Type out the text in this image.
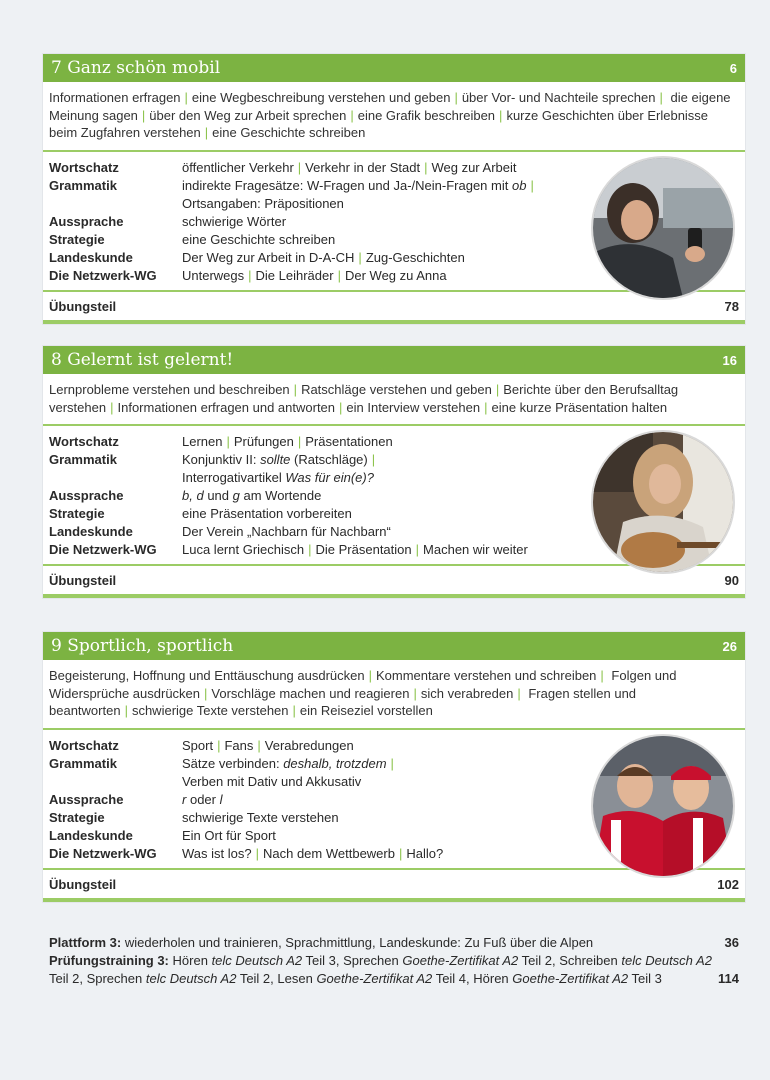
7 Ganz schön mobil	6
Informationen erfragen | eine Wegbeschreibung verstehen und geben | über Vor- und Nachteile sprechen | die eigene Meinung sagen | über den Weg zur Arbeit sprechen | eine Grafik beschreiben | kurze Geschichten über Erlebnisse beim Zugfahren verstehen | eine Geschichte schreiben
Wortschatz	öffentlicher Verkehr | Verkehr in der Stadt | Weg zur Arbeit
Grammatik	indirekte Fragesätze: W-Fragen und Ja-/Nein-Fragen mit ob |
Ortsangaben: Präpositionen
Aussprache	schwierige Wörter
Strategie	eine Geschichte schreiben
Landeskunde	Der Weg zur Arbeit in D-A-CH | Zug-Geschichten
Die Netzwerk-WG	Unterwegs | Die Leihräder | Der Weg zu Anna
Übungsteil	78
8 Gelernt ist gelernt!	16
Lernprobleme verstehen und beschreiben | Ratschläge verstehen und geben | Berichte über den Berufsalltag verstehen | Informationen erfragen und antworten | ein Interview verstehen | eine kurze Präsentation halten
Wortschatz	Lernen | Prüfungen | Präsentationen
Grammatik	Konjunktiv II: sollte (Ratschläge) |
Interrogativartikel Was für ein(e)?
Aussprache	b, d und g am Wortende
Strategie	eine Präsentation vorbereiten
Landeskunde	Der Verein „Nachbarn für Nachbarn“
Die Netzwerk-WG	Luca lernt Griechisch | Die Präsentation | Machen wir weiter
Übungsteil	90
9 Sportlich, sportlich	26
Begeisterung, Hoffnung und Enttäuschung ausdrücken | Kommentare verstehen und schreiben | Folgen und Widersprüche ausdrücken | Vorschläge machen und reagieren | sich verabreden | Fragen stellen und beantworten | schwierige Texte verstehen | ein Reiseziel vorstellen
Wortschatz	Sport | Fans | Verabredungen
Grammatik	Sätze verbinden: deshalb, trotzdem |
Verben mit Dativ und Akkusativ
Aussprache	r oder l
Strategie	schwierige Texte verstehen
Landeskunde	Ein Ort für Sport
Die Netzwerk-WG	Was ist los? | Nach dem Wettbewerb | Hallo?
Übungsteil	102
Plattform 3: wiederholen und trainieren, Sprachmittlung, Landeskunde: Zu Fuß über die Alpen	36
Prüfungstraining 3: Hören telc Deutsch A2 Teil 3, Sprechen Goethe-Zertifikat A2 Teil 2, Schreiben telc Deutsch A2
Teil 2, Sprechen telc Deutsch A2 Teil 2, Lesen Goethe-Zertifikat A2 Teil 4, Hören Goethe-Zertifikat A2 Teil 3	114
